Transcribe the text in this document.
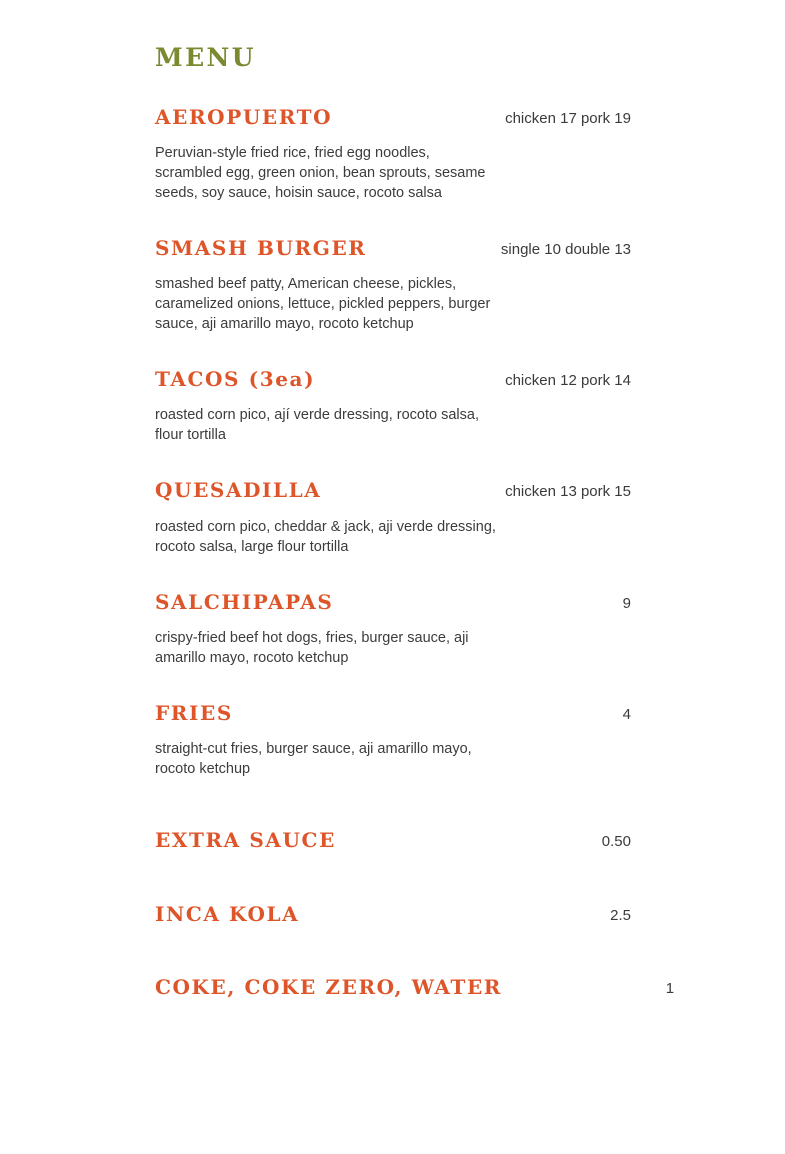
MENU
AEROPUERTO	chicken 17 pork 19

Peruvian-style fried rice, fried egg noodles, scrambled egg, green onion, bean sprouts, sesame seeds, soy sauce, hoisin sauce, rocoto salsa

SMASH BURGER	single 10 double 13

smashed beef patty, American cheese, pickles, caramelized onions, lettuce, pickled peppers, burger sauce, aji amarillo mayo, rocoto ketchup

TACOS (3ea)	chicken 12 pork 14

roasted corn pico, ají verde dressing, rocoto salsa, flour tortilla

QUESADILLA	chicken 13 pork 15

roasted corn pico, cheddar & jack, aji verde dressing, rocoto salsa, large flour tortilla

SALCHIPAPAS	9

crispy-fried beef hot dogs, fries, burger sauce, aji amarillo mayo, rocoto ketchup

FRIES	4

straight-cut fries, burger sauce, aji amarillo mayo, rocoto ketchup

EXTRA SAUCE	0.50
INCA KOLA	2.5
COKE, COKE ZERO, WATER	1
